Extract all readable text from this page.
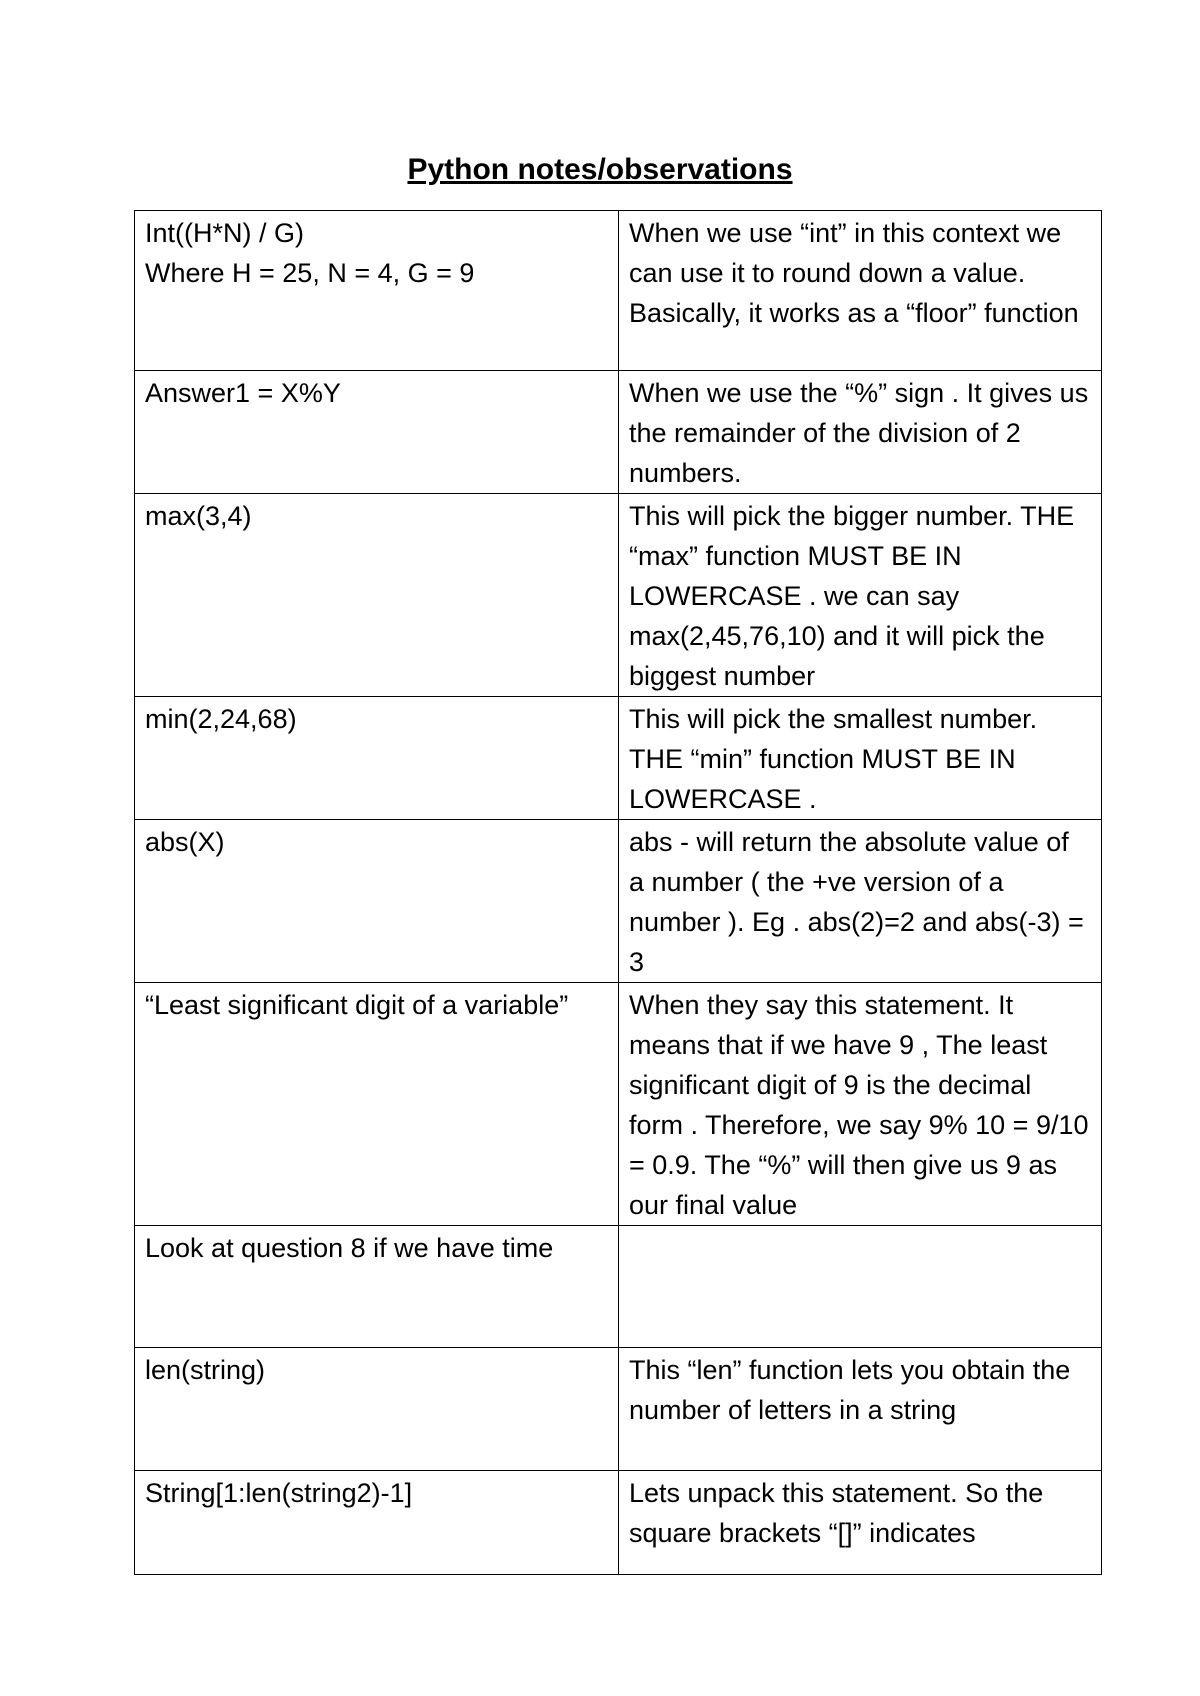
Python notes/observations
Int((H*N) / G)
Where H = 25, N = 4, G = 9	When we use “int” in this context we can use it to round down a value. Basically, it works as a “floor” function

Answer1 = X%Y	When we use the “%” sign . It gives us the remainder of the division of 2 numbers.

max(3,4)	This will pick the bigger number. THE “max” function MUST BE IN LOWERCASE . we can say max(2,45,76,10) and it will pick the biggest number

min(2,24,68)	This will pick the smallest number. THE “min” function MUST BE IN LOWERCASE .

abs(X)	abs - will return the absolute value of a number ( the +ve version of a number ). Eg . abs(2)=2 and abs(-3) = 3

“Least significant digit of a variable”	When they say this statement. It means that if we have 9 , The least significant digit of 9 is the decimal form . Therefore, we say 9% 10 = 9/10 = 0.9. The “%” will then give us 9 as our final value

Look at question 8 if we have time	

len(string)	This “len” function lets you obtain the number of letters in a string

String[1:len(string2)-1]	Lets unpack this statement. So the square brackets “[]” indicates
